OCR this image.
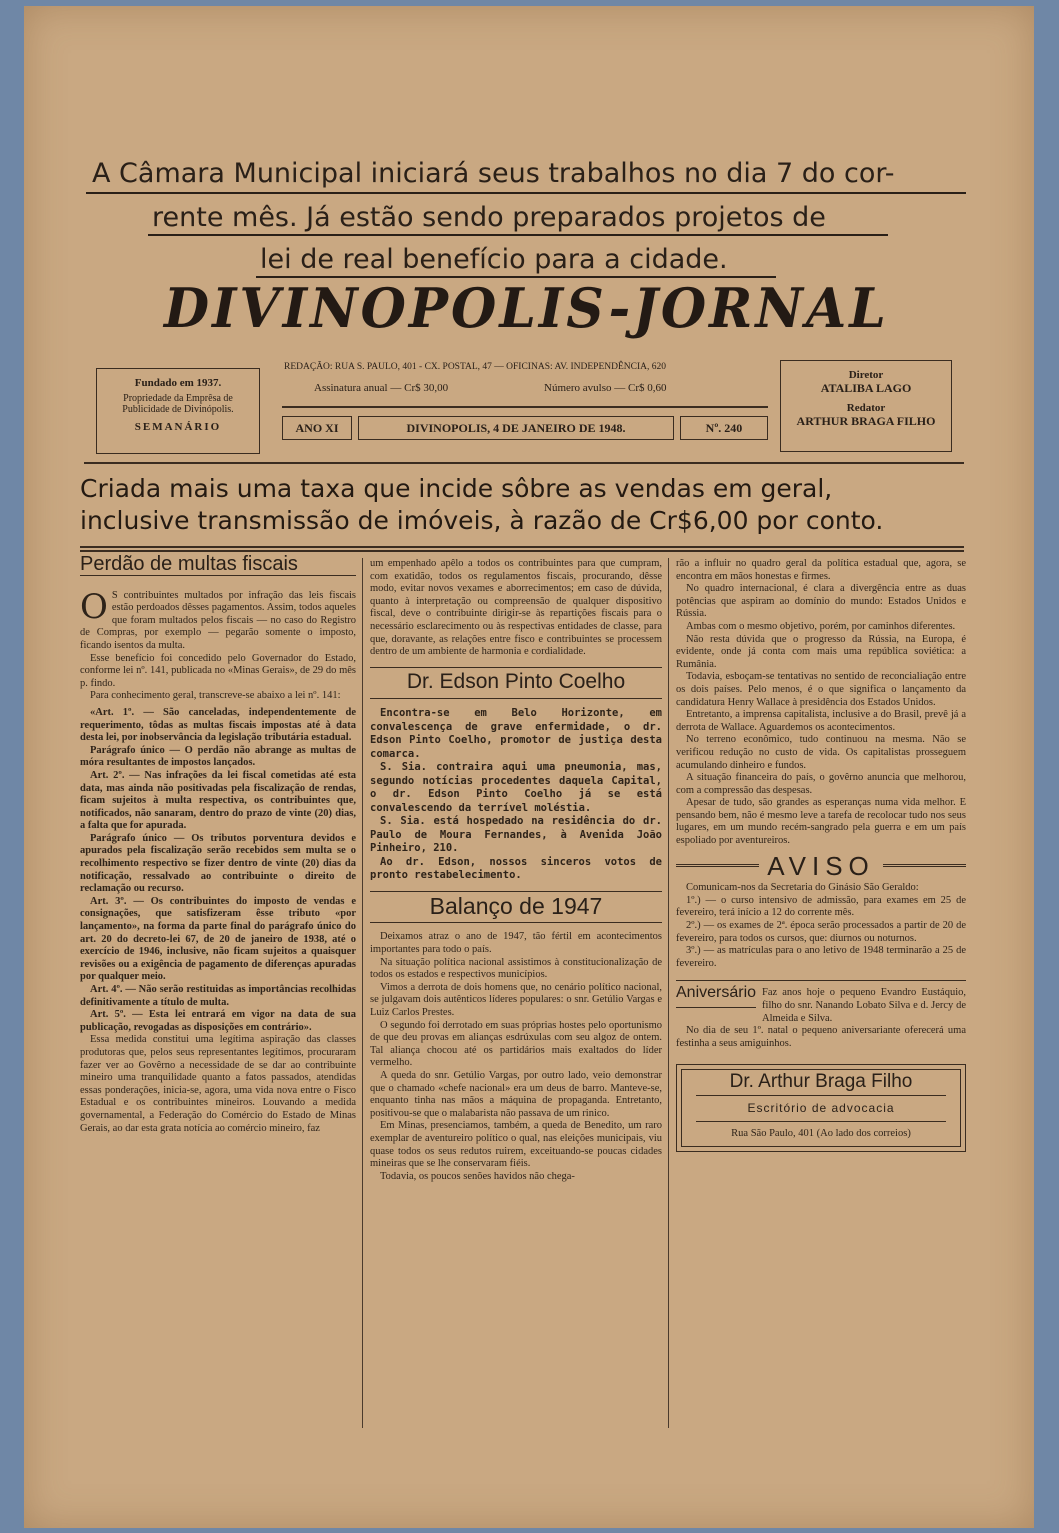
A Câmara Municipal iniciará seus trabalhos no dia 7 do cor-
rente mês. Já estão sendo preparados projetos de
lei de real benefício para a cidade.
DIVINOPOLIS-JORNAL
Fundado em 1937.
Propriedade da Emprêsa de Publicidade de Divinópolis.
SEMANÁRIO
REDAÇÃO: RUA S. PAULO, 401 - CX. POSTAL, 47 — OFICINAS: AV. INDEPENDÊNCIA, 620
Assinatura anual — Cr$ 30,00	Número avulso — Cr$ 0,60
ANO XI	DIVINOPOLIS, 4 DE JANEIRO DE 1948.	Nº. 240
Diretor
ATALIBA LAGO
Redator
ARTHUR BRAGA FILHO
Criada mais uma taxa que incide sôbre as vendas em geral,
inclusive transmissão de imóveis, à razão de Cr$6,00 por conto.
Perdão de multas fiscais

O S contribuintes multados por infração das leis fiscais estão perdoados dêsses pagamentos. Assim, todos aqueles que foram multados pelos fiscais — no caso do Registro de Compras, por exemplo — pegarão somente o imposto, ficando isentos da multa.

Esse benefício foi concedido pelo Governador do Estado, conforme lei nº. 141, publicada no «Minas Gerais», de 29 do mês p. findo.

Para conhecimento geral, transcreve-se abaixo a lei nº. 141:

«Art. 1º. — São canceladas, independentemente de requerimento, tôdas as multas fiscais impostas até à data desta lei, por inobservância da legislação tributária estadual.

Parágrafo único — O perdão não abrange as multas de móra resultantes de impostos lançados.

Art. 2º. — Nas infrações da lei fiscal cometidas até esta data, mas ainda não positivadas pela fiscalização de rendas, ficam sujeitos à multa respectiva, os contribuintes que, notificados, não sanaram, dentro do prazo de vinte (20) dias, a falta que for apurada.

Parágrafo único — Os tributos porventura devidos e apurados pela fiscalização serão recebidos sem multa se o recolhimento respectivo se fizer dentro de vinte (20) dias da notificação, ressalvado ao contribuinte o direito de reclamação ou recurso.

Art. 3º. — Os contribuintes do imposto de vendas e consignações, que satisfizeram êsse tributo «por lançamento», na forma da parte final do parágrafo único do art. 20 do decreto-lei 67, de 20 de janeiro de 1938, até o exercício de 1946, inclusive, não ficam sujeitos a quaisquer revisões ou a exigência de pagamento de diferenças apuradas por qualquer meio.

Art. 4º. — Não serão restituidas as importâncias recolhidas definitivamente a título de multa.

Art. 5º. — Esta lei entrará em vigor na data de sua publicação, revogadas as disposições em contrário».

Essa medida constitui uma legítima aspiração das classes produtoras que, pelos seus representantes legítimos, procuraram fazer ver ao Govêrno a necessidade de se dar ao contribuinte mineiro uma tranquilidade quanto a fatos passados, atendidas essas ponderações, inicia-se, agora, uma vida nova entre o Fisco Estadual e os contribuintes mineiros. Louvando a medida governamental, a Federação do Comércio do Estado de Minas Gerais, ao dar esta grata notícia ao comércio mineiro, faz

um empenhado apêlo a todos os contribuintes para que cumpram, com exatidão, todos os regulamentos fiscais, procurando, dêsse modo, evitar novos vexames e aborrecimentos; em caso de dúvida, quanto à interpretação ou compreensão de qualquer dispositivo fiscal, deve o contribuinte dirigir-se às repartições fiscais para o necessário esclarecimento ou às respectivas entidades de classe, para que, doravante, as relações entre fisco e contribuintes se processem dentro de um ambiente de harmonia e cordialidade.

Dr. Edson Pinto Coelho

Encontra-se em Belo Horizonte, em convalescença de grave enfermidade, o dr. Edson Pinto Coelho, promotor de justiça desta comarca.

S. Sia. contraira aqui uma pneumonia, mas, segundo notícias procedentes daquela Capital, o dr. Edson Pinto Coelho já se está convalescendo da terrível moléstia.

S. Sia. está hospedado na residência do dr. Paulo de Moura Fernandes, à Avenida João Pinheiro, 210.

Ao dr. Edson, nossos sinceros votos de pronto restabelecimento.

Balanço de 1947

Deixamos atraz o ano de 1947, tão fértil em acontecimentos importantes para todo o país.

Na situação política nacional assistimos à constitucionalização de todos os estados e respectivos municípios.

Vimos a derrota de dois homens que, no cenário político nacional, se julgavam dois autênticos líderes populares: o snr. Getúlio Vargas e Luiz Carlos Prestes.

O segundo foi derrotado em suas próprias hostes pelo oportunismo de que deu provas em alianças esdrúxulas com seu algoz de ontem. Tal aliança chocou até os partidários mais exaltados do líder vermelho.

A queda do snr. Getúlio Vargas, por outro lado, veio demonstrar que o chamado «chefe nacional» era um deus de barro. Manteve-se, enquanto tinha nas mãos a máquina de propaganda. Entretanto, positivou-se que o malabarista não passava de um rinico.

Em Minas, presenciamos, também, a queda de Benedito, um raro exemplar de aventureiro político o qual, nas eleições municipais, viu quase todos os seus redutos ruirem, exceituando-se poucas cidades mineiras que se lhe conservaram fiéis.

Todavia, os poucos senões havidos não chega-

rão a influir no quadro geral da política estadual que, agora, se encontra em mãos honestas e firmes.

No quadro internacional, é clara a divergência entre as duas potências que aspiram ao domínio do mundo: Estados Unidos e Rússia.

Ambas com o mesmo objetivo, porém, por caminhos diferentes.

Não resta dúvida que o progresso da Rússia, na Europa, é evidente, onde já conta com mais uma república soviética: a Rumânia.

Todavia, esboçam-se tentativas no sentido de reconcialiação entre os dois países. Pelo menos, é o que significa o lançamento da candidatura Henry Wallace à presidência dos Estados Unidos.

Entretanto, a imprensa capitalista, inclusive a do Brasil, prevê já a derrota de Wallace. Aguardemos os acontecimentos.

No terreno econômico, tudo continuou na mesma. Não se verificou redução no custo de vida. Os capitalistas prosseguem acumulando dinheiro e fundos.

A situação financeira do país, o govêrno anuncia que melhorou, com a compressão das despesas.

Apesar de tudo, são grandes as esperanças numa vida melhor. E pensando bem, não é mesmo leve a tarefa de recolocar tudo nos seus lugares, em um mundo recém-sangrado pela guerra e em um país espoliado por aventureiros.

AVISO

Comunicam-nos da Secretaria do Ginásio São Geraldo:

1º.) — o curso intensivo de admissão, para exames em 25 de fevereiro, terá início a 12 do corrente mês.

2º.) — os exames de 2ª. época serão processados a partir de 20 de fevereiro, para todos os cursos, que: diurnos ou noturnos.

3º.) — as matrículas para o ano letivo de 1948 terminarão a 25 de fevereiro.

Aniversário Faz anos hoje o pequeno Evandro Eustáquio, filho do snr. Nanando Lobato Silva e d. Jercy de Almeida e Silva.

No dia de seu 1º. natal o pequeno aniversariante oferecerá uma festinha a seus amiguinhos.

Dr. Arthur Braga Filho
Escritório de advocacia
Rua São Paulo, 401 (Ao lado dos correios)
